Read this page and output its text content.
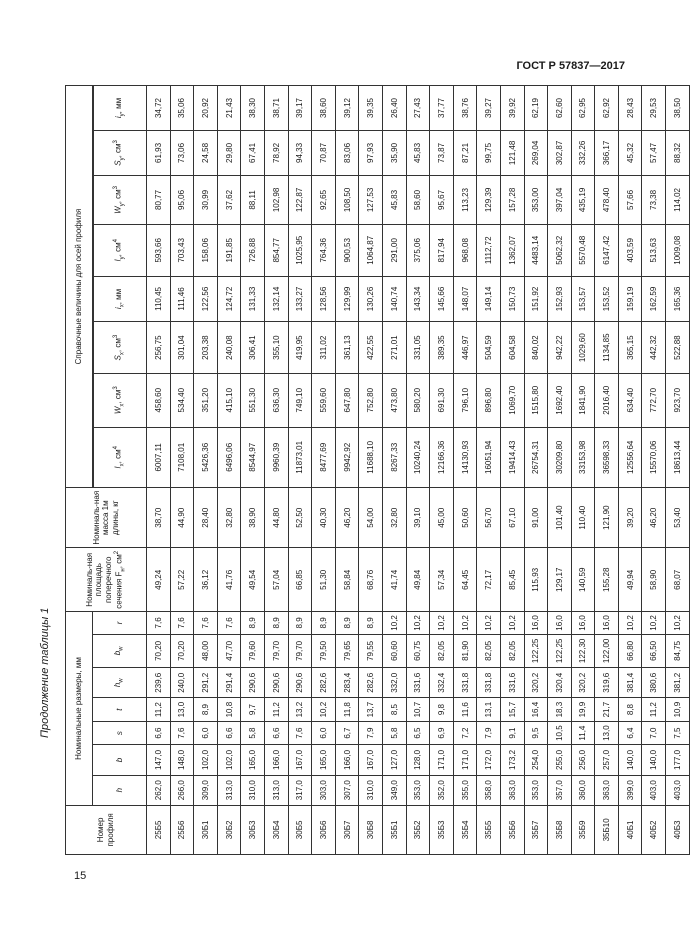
ГОСТ Р 57837—2017
Продолжение таблицы 1
15
Номер профиля	Номинальные размеры, мм							Номиналь-ная площадь поперечного сечения $F_н$, $см^2$	Номиналь-ная масса 1м длины, кг	Справочные величины для осей профиля							
	h	b	s	t	$h_w$	$b_w$	r										
										$I_x$, $см^4$	$W_x$, $см^3$	$S_x$, $см^3$	$i_x$, мм	$I_y$, $см^4$	$W_y$, $см^3$	$S_y$, $см^3$	$i_y$, мм
25Б5	262,0	147,0	6,6	11,2	239,6	70,20	7,6	49,24	38,70	6007,11	458,60	256,75	110,45	593,66	80,77	61,93	34,72
25Б6	266,0	148,0	7,6	13,0	240,0	70,20	7,6	57,22	44,90	7108,01	534,40	301,04	111,46	703,43	95,06	73,06	35,06
30Б1	309,0	102,0	6,0	8,9	291,2	48,00	7,6	36,12	28,40	5426,36	351,20	203,38	122,56	158,06	30,99	24,58	20,92
30Б2	313,0	102,0	6,6	10,8	291,4	47,70	7,6	41,76	32,80	6496,06	415,10	240,08	124,72	191,85	37,62	29,80	21,43
30Б3	310,0	165,0	5,8	9,7	290,6	79,60	8,9	49,54	38,90	8544,97	551,30	306,41	131,33	726,88	88,11	67,41	38,30
30Б4	313,0	166,0	6,6	11,2	290,6	79,70	8,9	57,04	44,80	9960,39	636,30	355,10	132,14	854,77	102,98	78,92	38,71
30Б5	317,0	167,0	7,6	13,2	290,6	79,70	8,9	66,85	52,50	11873,01	749,10	419,95	133,27	1025,95	122,87	94,33	39,17
30Б6	303,0	165,0	6,0	10,2	282,6	79,50	8,9	51,30	40,30	8477,69	559,60	311,02	128,56	764,36	92,65	70,87	38,60
30Б7	307,0	166,0	6,7	11,8	283,4	79,65	8,9	58,84	46,20	9942,92	647,80	361,13	129,99	900,53	108,50	83,06	39,12
30Б8	310,0	167,0	7,9	13,7	282,6	79,55	8,9	68,76	54,00	11688,10	752,80	422,55	130,26	1064,87	127,53	97,93	39,35
35Б1	349,0	127,0	5,8	8,5	332,0	60,60	10,2	41,74	32,80	8267,33	473,80	271,01	140,74	291,00	45,83	35,90	26,40
35Б2	353,0	128,0	6,5	10,7	331,6	60,75	10,2	49,84	39,10	10240,24	580,20	331,05	143,34	375,06	58,60	45,83	27,43
35Б3	352,0	171,0	6,9	9,8	332,4	82,05	10,2	57,34	45,00	12166,36	691,30	389,35	145,66	817,94	95,67	73,87	37,77
35Б4	355,0	171,0	7,2	11,6	331,8	81,90	10,2	64,45	50,60	14130,93	796,10	446,97	148,07	968,08	113,23	87,21	38,76
35Б5	358,0	172,0	7,9	13,1	331,8	82,05	10,2	72,17	56,70	16051,94	896,80	504,59	149,14	1112,72	129,39	99,75	39,27
35Б6	363,0	173,2	9,1	15,7	331,6	82,05	10,2	85,45	67,10	19414,43	1069,70	604,58	150,73	1362,07	157,28	121,48	39,92
35Б7	353,0	254,0	9,5	16,4	320,2	122,25	16,0	115,93	91,00	26754,31	1515,80	840,02	151,92	4483,14	353,00	269,04	62,19
35Б8	357,0	255,0	10,5	18,3	320,4	122,25	16,0	129,17	101,40	30209,80	1692,40	942,22	152,93	5062,32	397,04	302,87	62,60
35Б9	360,0	256,0	11,4	19,9	320,2	122,30	16,0	140,59	110,40	33153,98	1841,90	1029,60	153,57	5570,48	435,19	332,26	62,95
35Б10	363,0	257,0	13,0	21,7	319,6	122,00	16,0	155,28	121,90	36598,33	2016,40	1134,85	153,52	6147,42	478,40	366,17	62,92
40Б1	399,0	140,0	6,4	8,8	381,4	66,80	10,2	49,94	39,20	12556,64	634,40	365,15	159,19	403,59	57,66	45,32	28,43
40Б2	403,0	140,0	7,0	11,2	380,6	66,50	10,2	58,90	46,20	15570,06	772,70	442,32	162,59	513,63	73,38	57,47	29,53
40Б3	403,0	177,0	7,5	10,9	381,2	84,75	10,2	68,07	53,40	18613,44	923,70	522,88	165,36	1009,08	114,02	88,32	38,50
